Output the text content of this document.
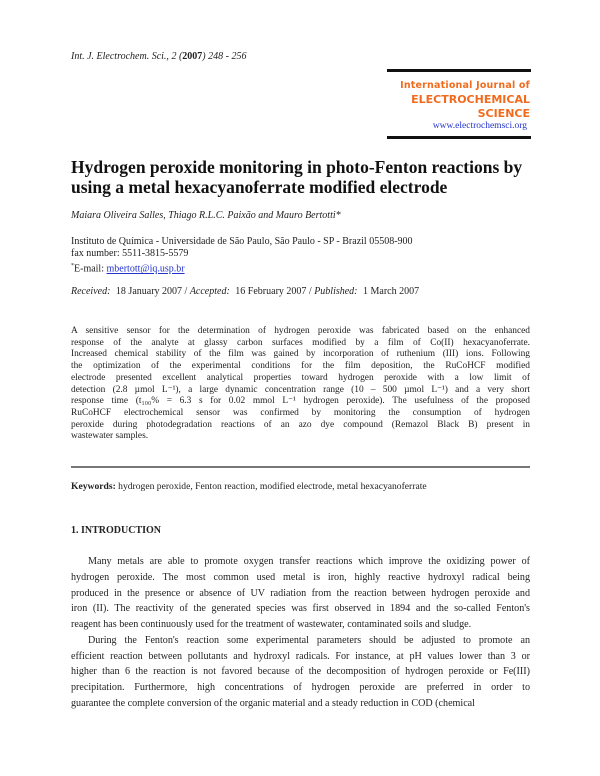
Int. J. Electrochem. Sci., 2 (2007) 248 - 256
International Journal of
ELECTROCHEMICAL
SCIENCE
www.electrochemsci.org
Hydrogen peroxide monitoring in photo-Fenton reactions by using a metal hexacyanoferrate modified electrode
Maiara Oliveira Salles, Thiago R.L.C. Paixão and Mauro Bertotti*
Instituto de Química - Universidade de São Paulo, São Paulo - SP - Brazil 05508-900
fax number: 5511-3815-5579
*E-mail: mbertott@iq.usp.br
Received: 18 January 2007 / Accepted: 16 February 2007 / Published: 1 March 2007
A sensitive sensor for the determination of hydrogen peroxide was fabricated based on the enhanced
response of the analyte at glassy carbon surfaces modified by a film of Co(II) hexacyanoferrate.
Increased chemical stability of the film was gained by incorporation of ruthenium (III) ions. Following
the optimization of the experimental conditions for the film deposition, the RuCoHCF modified
electrode presented excellent analytical properties toward hydrogen peroxide with a low limit of
detection (2.8 µmol L⁻¹), a large dynamic concentration range (10 – 500 µmol L⁻¹) and a very short
response time (t₁₀₀% = 6.3 s for 0.02 mmol L⁻¹ hydrogen peroxide). The usefulness of the proposed
RuCoHCF electrochemical sensor was confirmed by monitoring the consumption of hydrogen
peroxide during photodegradation reactions of an azo dye compound (Remazol Black B) present in
wastewater samples.
Keywords: hydrogen peroxide, Fenton reaction, modified electrode, metal hexacyanoferrate
1. INTRODUCTION
Many metals are able to promote oxygen transfer reactions which improve the oxidizing power of
hydrogen peroxide. The most common used metal is iron, highly reactive hydroxyl radical being
produced in the presence or absence of UV radiation from the reaction between hydrogen peroxide and
iron (II). The reactivity of the generated species was first observed in 1894 and the so-called Fenton's
reagent has been continuously used for the treatment of wastewater, contaminated soils and sludge.
During the Fenton's reaction some experimental parameters should be adjusted to promote an
efficient reaction between pollutants and hydroxyl radicals. For instance, at pH values lower than 3 or
higher than 6 the reaction is not favored because of the decomposition of hydrogen peroxide or Fe(III)
precipitation. Furthermore, high concentrations of hydrogen peroxide are preferred in order to
guarantee the complete conversion of the organic material and a steady reduction in COD (chemical
